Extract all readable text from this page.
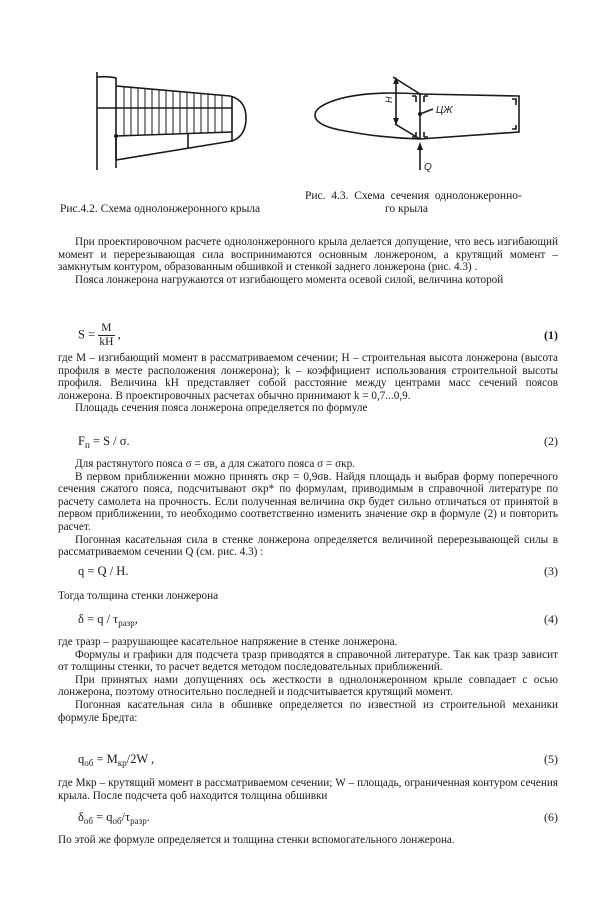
Рис.4.2. Схема однолонжеронного крыла
H
ЦЖ
Q
Рис.  4.3.  Схема  сечения  однолонжеронно-
го крыла

При проектировочном расчете однолонжеронного крыла делается допущение, что весь изгибающий момент и перерезывающая сила воспринимаются основным лонжероном, а крутящий момент – замкнутым контуром, образованным обшивкой и стенкой заднего лонжерона (рис. 4.3) .

Пояса лонжерона нагружаются от изгибающего момента осевой силой, величина которой

$S = \frac{M}{kH}$ ,	(1)

где M – изгибающий момент в рассматриваемом сечении; H – строительная высота лонжерона (высота профиля в месте расположения лонжерона); k – коэффициент использования строительной высоты профиля. Величина kH представляет собой расстояние между центрами масс сечений поясов лонжерона. В проектировочных расчетах обычно принимают k = 0,7...0,9.

Площадь сечения пояса лонжерона определяется по формуле

$F_п = S / \sigma$.	(2)

Для растянутого пояса σ = σв, а для сжатого пояса σ = σкр.

В первом приближении можно принять σкр = 0,9σв. Найдя площадь и выбрав форму поперечного сечения сжатого пояса, подсчитывают σкр* по формулам, приводимым в справочной литературе по расчету самолета на прочность. Если полученная величина σкр будет сильно отличаться от принятой в первом приближении, то необходимо соответственно изменить значение σкр в формуле (2) и повторить расчет.

Погонная касательная сила в стенке лонжерона определяется величиной перерезывающей силы в рассматриваемом сечении Q (см. рис. 4.3) :

q = Q / H.	(3)

Тогда толщина стенки лонжерона

$\delta = q / \tau_{разр}$,	(4)

где τразр – разрушающее касательное напряжение в стенке лонжерона.

Формулы и графики для подсчета τразр приводятся в справочной литературе. Так как τразр зависит от толщины стенки, то расчет ведется методом последовательных приближений.

При принятых нами допущениях ось жесткости в однолонжеронном крыле совпадает с осью лонжерона, поэтому относительно последней и подсчитывается крутящий момент.

Погонная касательная сила в обшивке определяется по известной из строительной механики формуле Бредта:

$q_{об} = M_{кр}/2W$ ,	(5)

где Mкр – крутящий момент в рассматриваемом сечении; W – площадь, ограниченная контуром сечения крыла. После подсчета qоб находится толщина обшивки

$\delta_{об} = q_{об}/\tau_{разр}$.	(6)

По этой же формуле определяется и толщина стенки вспомогательного лонжерона.
